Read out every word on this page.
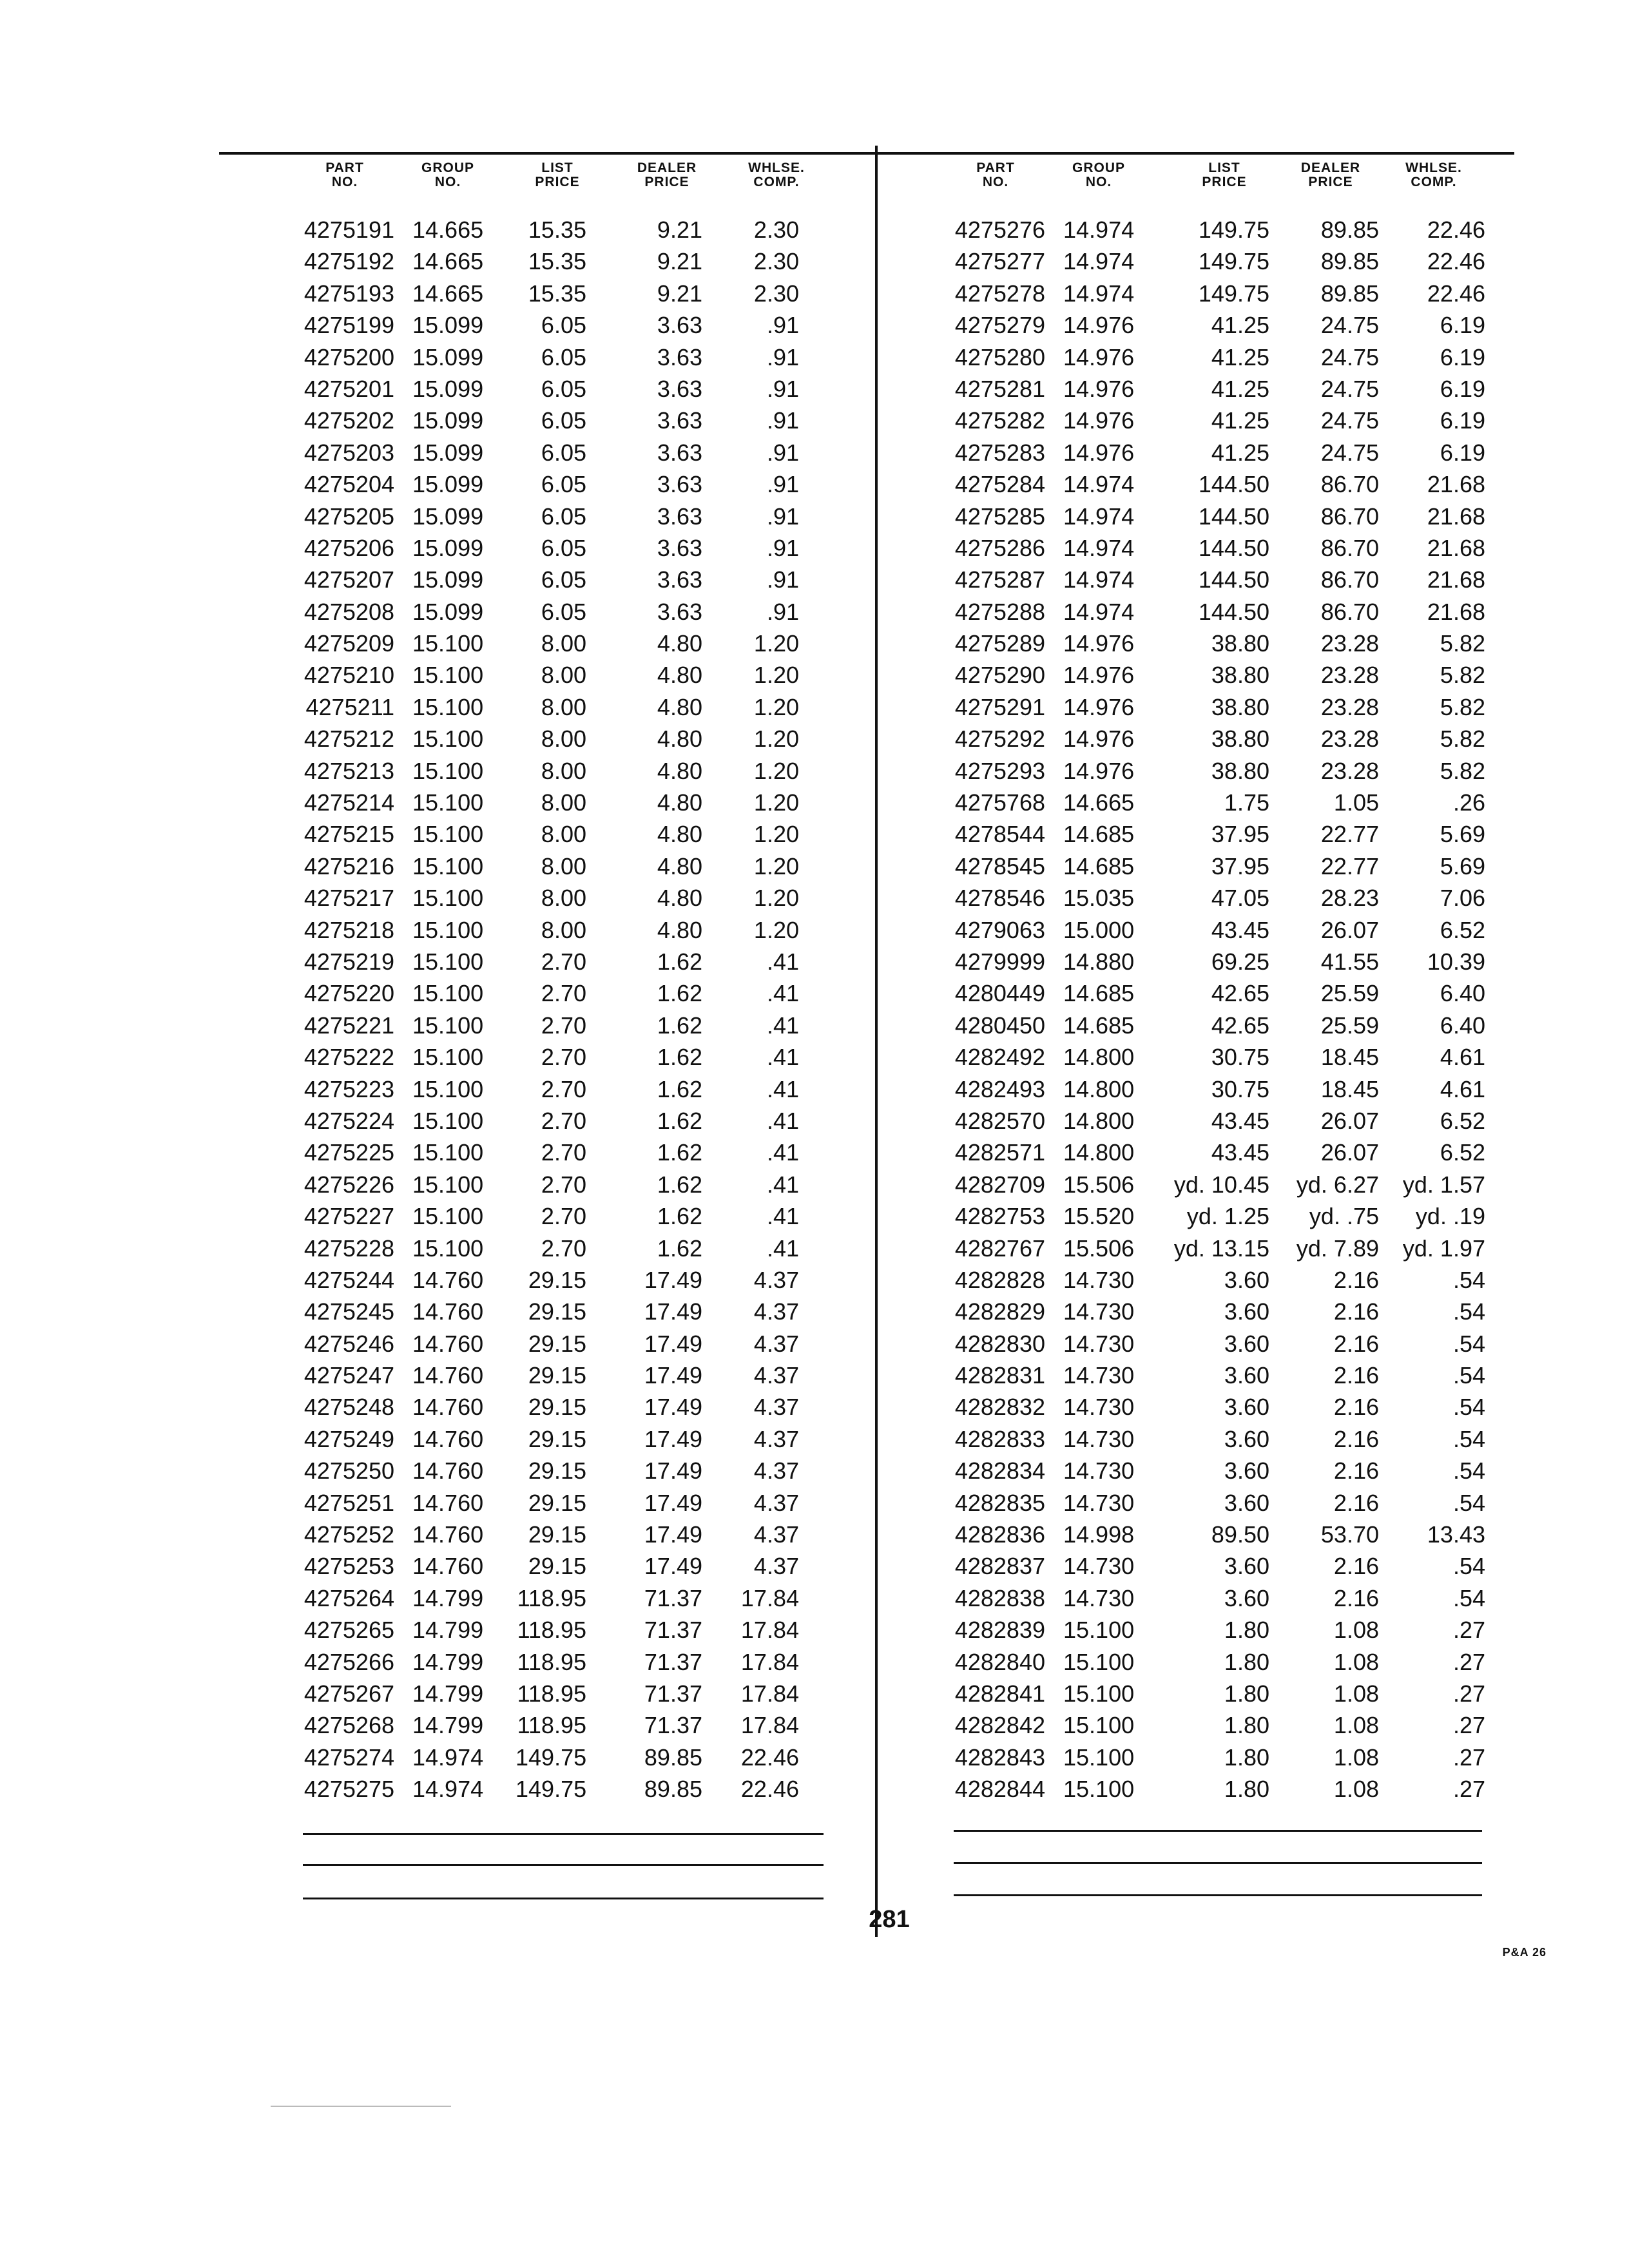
PART
NO.
GROUP
NO.
LIST
PRICE
DEALER
PRICE
WHLSE.
COMP.
4275191 14.665	15.35	9.21	2.30
4275192 14.665	15.35	9.21	2.30
4275193 14.665	15.35	9.21	2.30
4275199 15.099	6.05	3.63	.91
4275200 15.099	6.05	3.63	.91
4275201 15.099	6.05	3.63	.91
4275202 15.099	6.05	3.63	.91
4275203 15.099	6.05	3.63	.91
4275204 15.099	6.05	3.63	.91
4275205 15.099	6.05	3.63	.91
4275206 15.099	6.05	3.63	.91
4275207 15.099	6.05	3.63	.91
4275208 15.099	6.05	3.63	.91
4275209 15.100	8.00	4.80	1.20
4275210 15.100	8.00	4.80	1.20
4275211 15.100	8.00	4.80	1.20
4275212 15.100	8.00	4.80	1.20
4275213 15.100	8.00	4.80	1.20
4275214 15.100	8.00	4.80	1.20
4275215 15.100	8.00	4.80	1.20
4275216 15.100	8.00	4.80	1.20
4275217 15.100	8.00	4.80	1.20
4275218 15.100	8.00	4.80	1.20
4275219 15.100	2.70	1.62	.41
4275220 15.100	2.70	1.62	.41
4275221 15.100	2.70	1.62	.41
4275222 15.100	2.70	1.62	.41
4275223 15.100	2.70	1.62	.41
4275224 15.100	2.70	1.62	.41
4275225 15.100	2.70	1.62	.41
4275226 15.100	2.70	1.62	.41
4275227 15.100	2.70	1.62	.41
4275228 15.100	2.70	1.62	.41
4275244 14.760	29.15	17.49	4.37
4275245 14.760	29.15	17.49	4.37
4275246 14.760	29.15	17.49	4.37
4275247 14.760	29.15	17.49	4.37
4275248 14.760	29.15	17.49	4.37
4275249 14.760	29.15	17.49	4.37
4275250 14.760	29.15	17.49	4.37
4275251 14.760	29.15	17.49	4.37
4275252 14.760	29.15	17.49	4.37
4275253 14.760	29.15	17.49	4.37
4275264 14.799 118.95	71.37 17.84
4275265 14.799 118.95	71.37 17.84
4275266 14.799 118.95	71.37 17.84
4275267 14.799 118.95	71.37 17.84
4275268 14.799 118.95	71.37 17.84
4275274 14.974 149.75	89.85 22.46
4275275 14.974 149.75	89.85 22.46
PART
NO.
GROUP
NO.
LIST
PRICE
DEALER
PRICE
WHLSE.
COMP.
4275276 14.974	149.75	89.85	22.46
4275277 14.974	149.75	89.85	22.46
4275278 14.974	149.75	89.85	22.46
4275279 14.976	41.25	24.75	6.19
4275280 14.976	41.25	24.75	6.19
4275281 14.976	41.25	24.75	6.19
4275282 14.976	41.25	24.75	6.19
4275283 14.976	41.25	24.75	6.19
4275284 14.974	144.50	86.70	21.68
4275285 14.974	144.50	86.70	21.68
4275286 14.974	144.50	86.70	21.68
4275287 14.974	144.50	86.70	21.68
4275288 14.974	144.50	86.70	21.68
4275289 14.976	38.80	23.28	5.82
4275290 14.976	38.80	23.28	5.82
4275291 14.976	38.80	23.28	5.82
4275292 14.976	38.80	23.28	5.82
4275293 14.976	38.80	23.28	5.82
4275768 14.665	1.75	1.05	.26
4278544 14.685	37.95	22.77	5.69
4278545 14.685	37.95	22.77	5.69
4278546 15.035	47.05	28.23	7.06
4279063 15.000	43.45	26.07	6.52
4279999 14.880	69.25	41.55	10.39
4280449 14.685	42.65	25.59	6.40
4280450 14.685	42.65	25.59	6.40
4282492 14.800	30.75	18.45	4.61
4282493 14.800	30.75	18.45	4.61
4282570 14.800	43.45	26.07	6.52
4282571 14.800	43.45	26.07	6.52
4282709 15.506	yd. 10.45	yd. 6.27	yd. 1.57
4282753 15.520	yd. 1.25	yd. .75	yd. .19
4282767 15.506	yd. 13.15	yd. 7.89	yd. 1.97
4282828 14.730	3.60	2.16	.54
4282829 14.730	3.60	2.16	.54
4282830 14.730	3.60	2.16	.54
4282831 14.730	3.60	2.16	.54
4282832 14.730	3.60	2.16	.54
4282833 14.730	3.60	2.16	.54
4282834 14.730	3.60	2.16	.54
4282835 14.730	3.60	2.16	.54
4282836 14.998	89.50	53.70	13.43
4282837 14.730	3.60	2.16	.54
4282838 14.730	3.60	2.16	.54
4282839 15.100	1.80	1.08	.27
4282840 15.100	1.80	1.08	.27
4282841 15.100	1.80	1.08	.27
4282842 15.100	1.80	1.08	.27
4282843 15.100	1.80	1.08	.27
4282844 15.100	1.80	1.08	.27
281
P&A 26
